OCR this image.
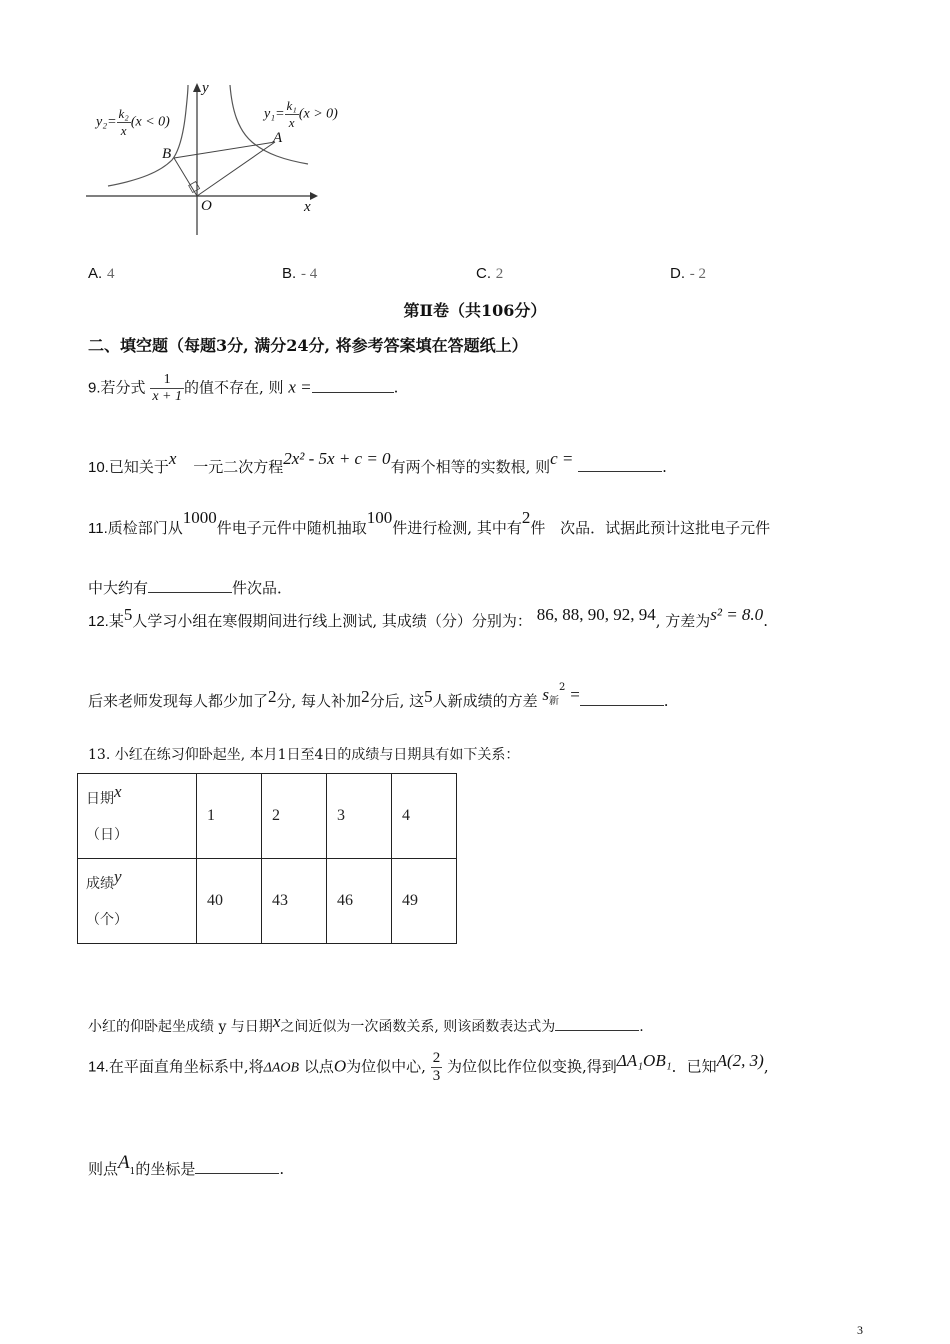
y
x
O
B
A
$y_2= \frac{\text{k₂}}{x} (x < 0)$
$y_1= \frac{\text{k₁}}{x} (x > 0)$
A. 4	B. - 4	C. 2	D. - 2
第Ⅱ卷（共106分）
二、填空题（每题3分, 满分24分, 将参考答案填在答题纸上）
9.若分式 $\frac{1}{x + 1}$ 的值不存在, 则 x =	.
10.已知关于x 一元二次方程2x² - 5x + c = 0有两个相等的实数根, 则c =	.
11.质检部门从1000件电子元件中随机抽取100件进行检测, 其中有2件 次品．试据此预计这批电子元件
中大约有	件次品．
12.某5人学习小组在寒假期间进行线上测试, 其成绩（分）分别为： 86, 88, 90, 92, 94, 方差为s² = 8.0.
后来老师发现每人都少加了2分, 每人补加2分后, 这5人新成绩的方差 s新$^2$ =	.
13. 小红在练习仰卧起坐, 本月1日至4日的成绩与日期具有如下关系：
日期x
（日）	1	2	3	4
成绩y
（个）	40	43	46	49
小红的仰卧起坐成绩 y 与日期x之间近似为一次函数关系, 则该函数表达式为	.
14.在平面直角坐标系中,将ΔAOB 以点O为位似中心, $\frac{2}{3}$ 为位似比作位似变换,得到ΔA₁OB₁．已知A(2, 3),
则点A1的坐标是	.
3
